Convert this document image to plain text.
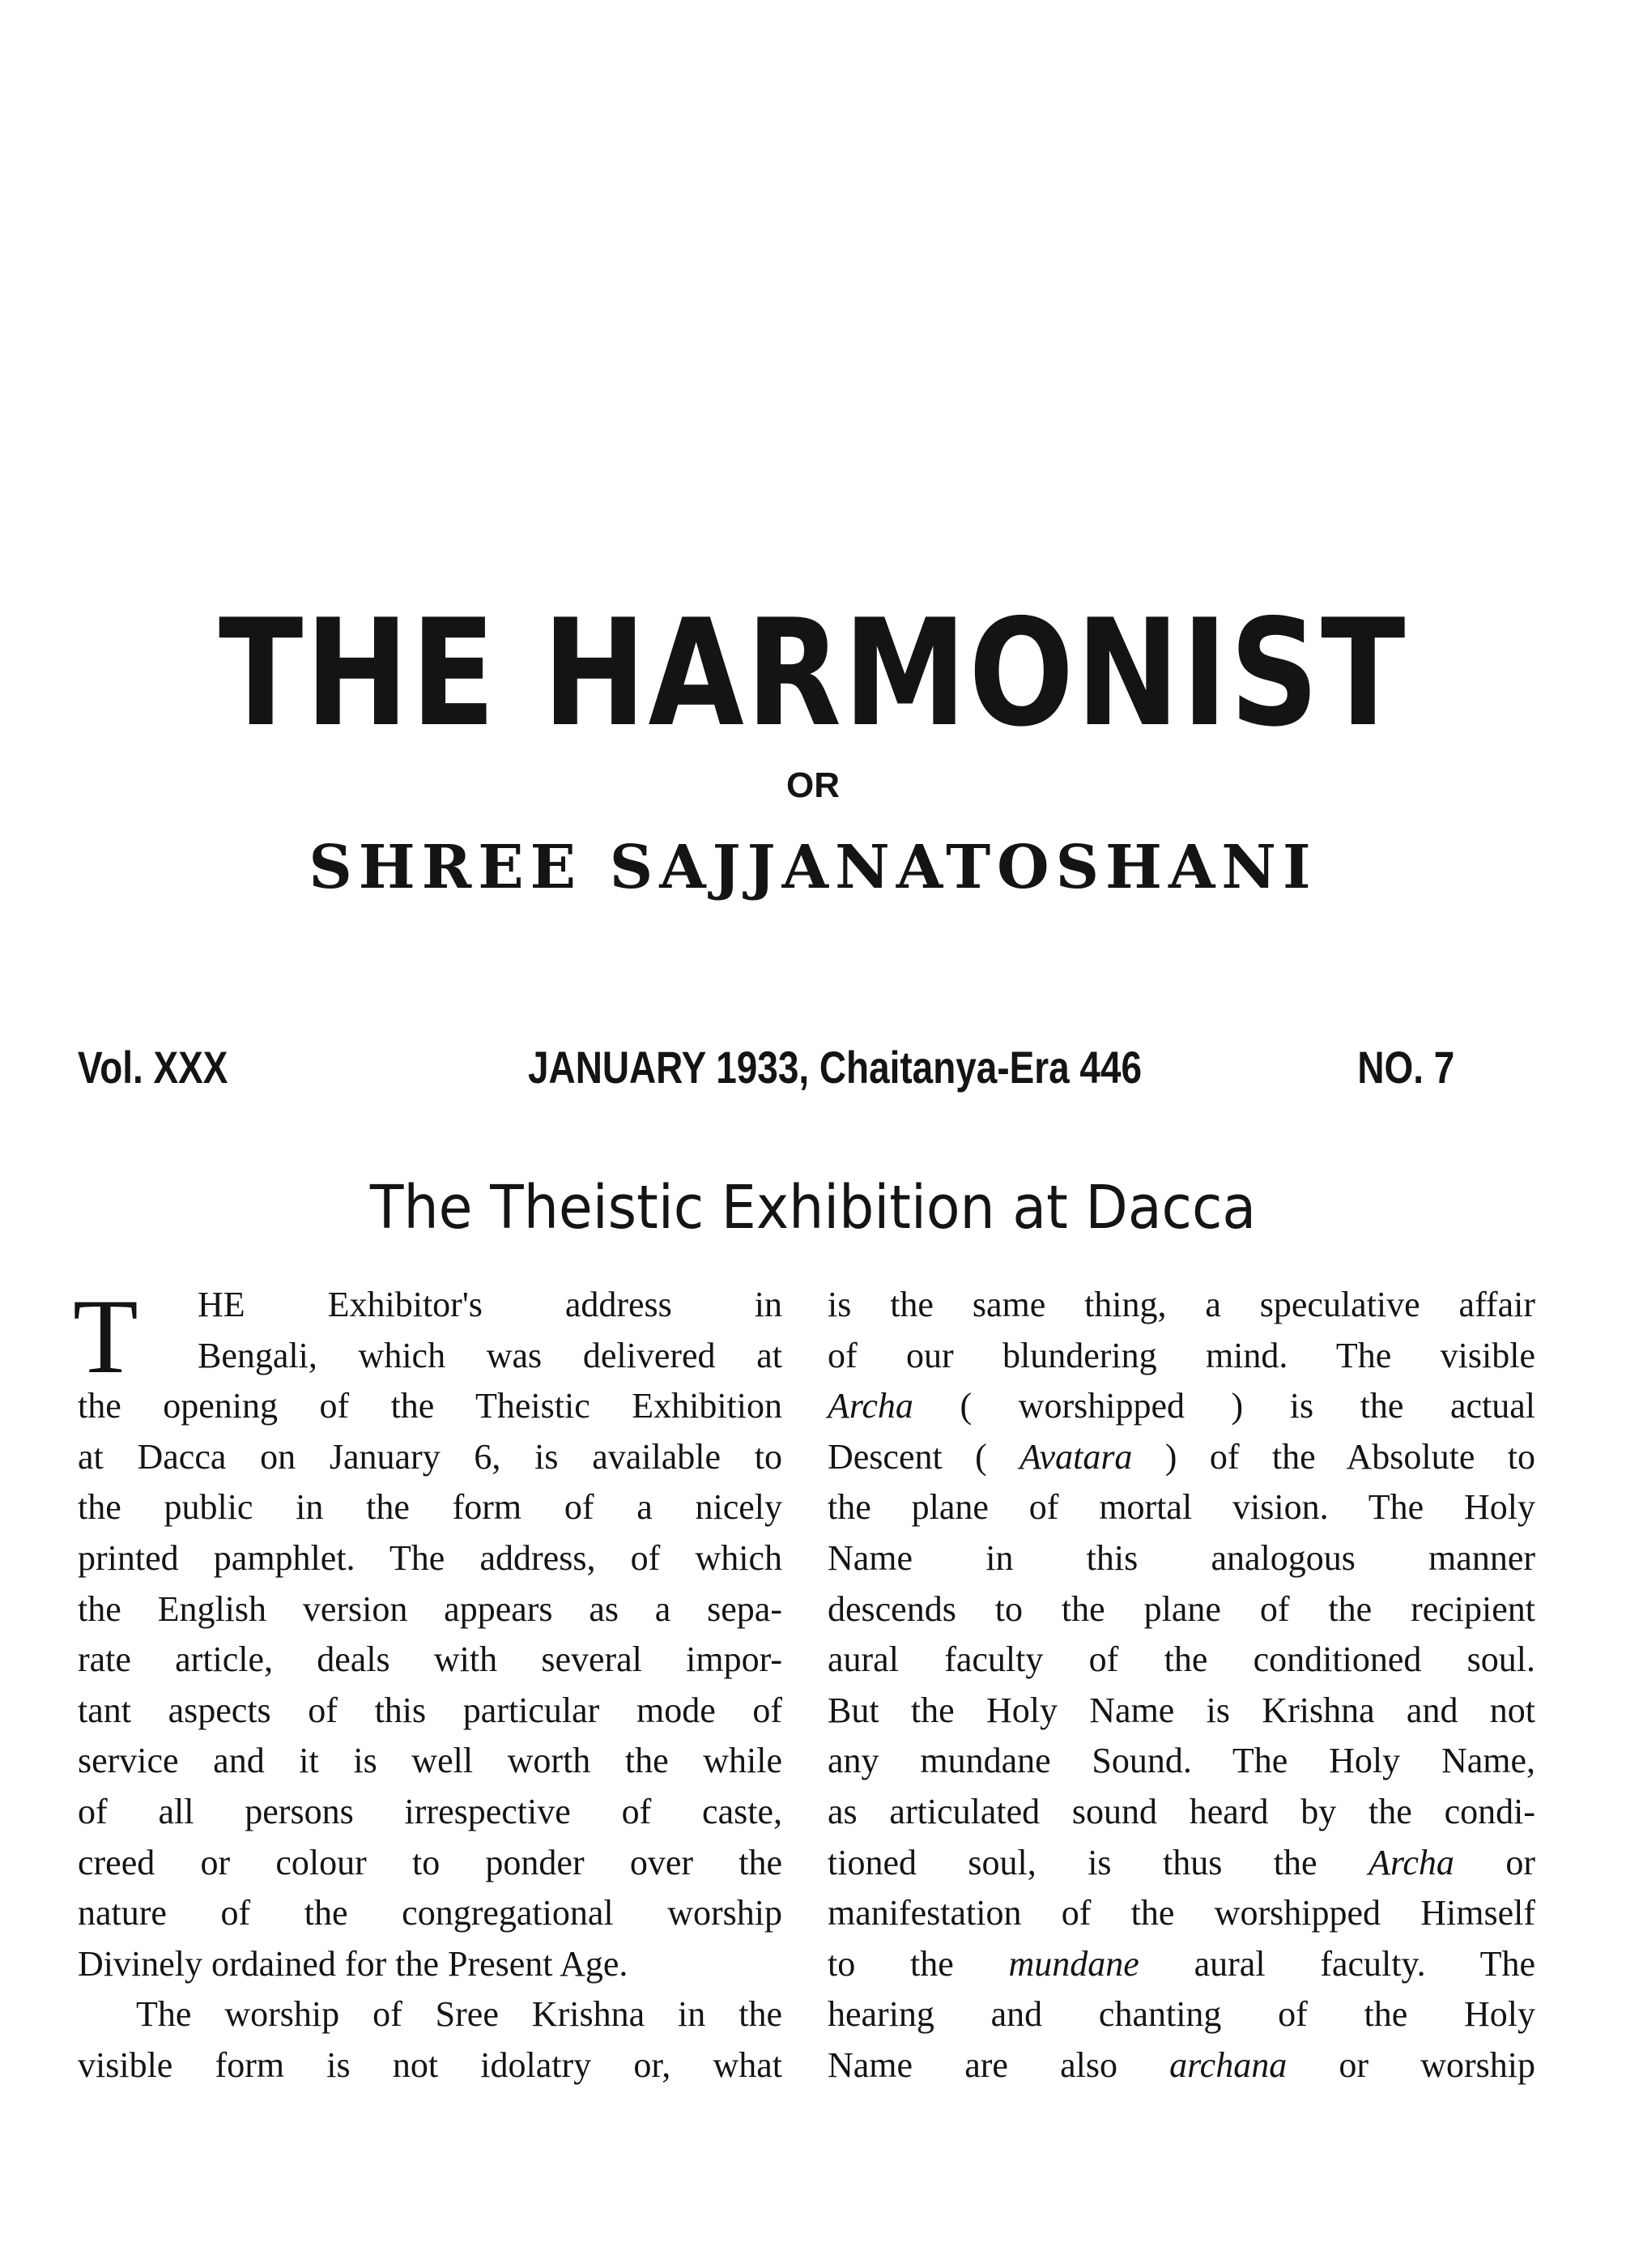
THE HARMONIST
OR
SHREE SAJJANATOSHANI
Vol. XXX	JANUARY 1933, Chaitanya-Era 446	NO. 7
The Theistic Exhibition at Dacca
T	HE Exhibitor's address in
Bengali, which was delivered at
the opening of the Theistic Exhibition
at Dacca on January 6, is available to
the public in the form of a nicely
printed pamphlet. The address, of which
the English version appears as a sepa-
rate article, deals with several impor-
tant aspects of this particular mode of
service and it is well worth the while
of all persons irrespective of caste,
creed or colour to ponder over the
nature of the congregational worship
Divinely ordained for the Present Age.
The worship of Sree Krishna in the
visible form is not idolatry or, what
is the same thing, a speculative affair
of our blundering mind. The visible
Archa ( worshipped ) is the actual
Descent ( Avatara ) of the Absolute to
the plane of mortal vision. The Holy
Name in this analogous manner
descends to the plane of the recipient
aural faculty of the conditioned soul.
But the Holy Name is Krishna and not
any mundane Sound. The Holy Name,
as articulated sound heard by the condi-
tioned soul, is thus the Archa or
manifestation of the worshipped Himself
to the mundane aural faculty. The
hearing and chanting of the Holy
Name are also archana or worship
